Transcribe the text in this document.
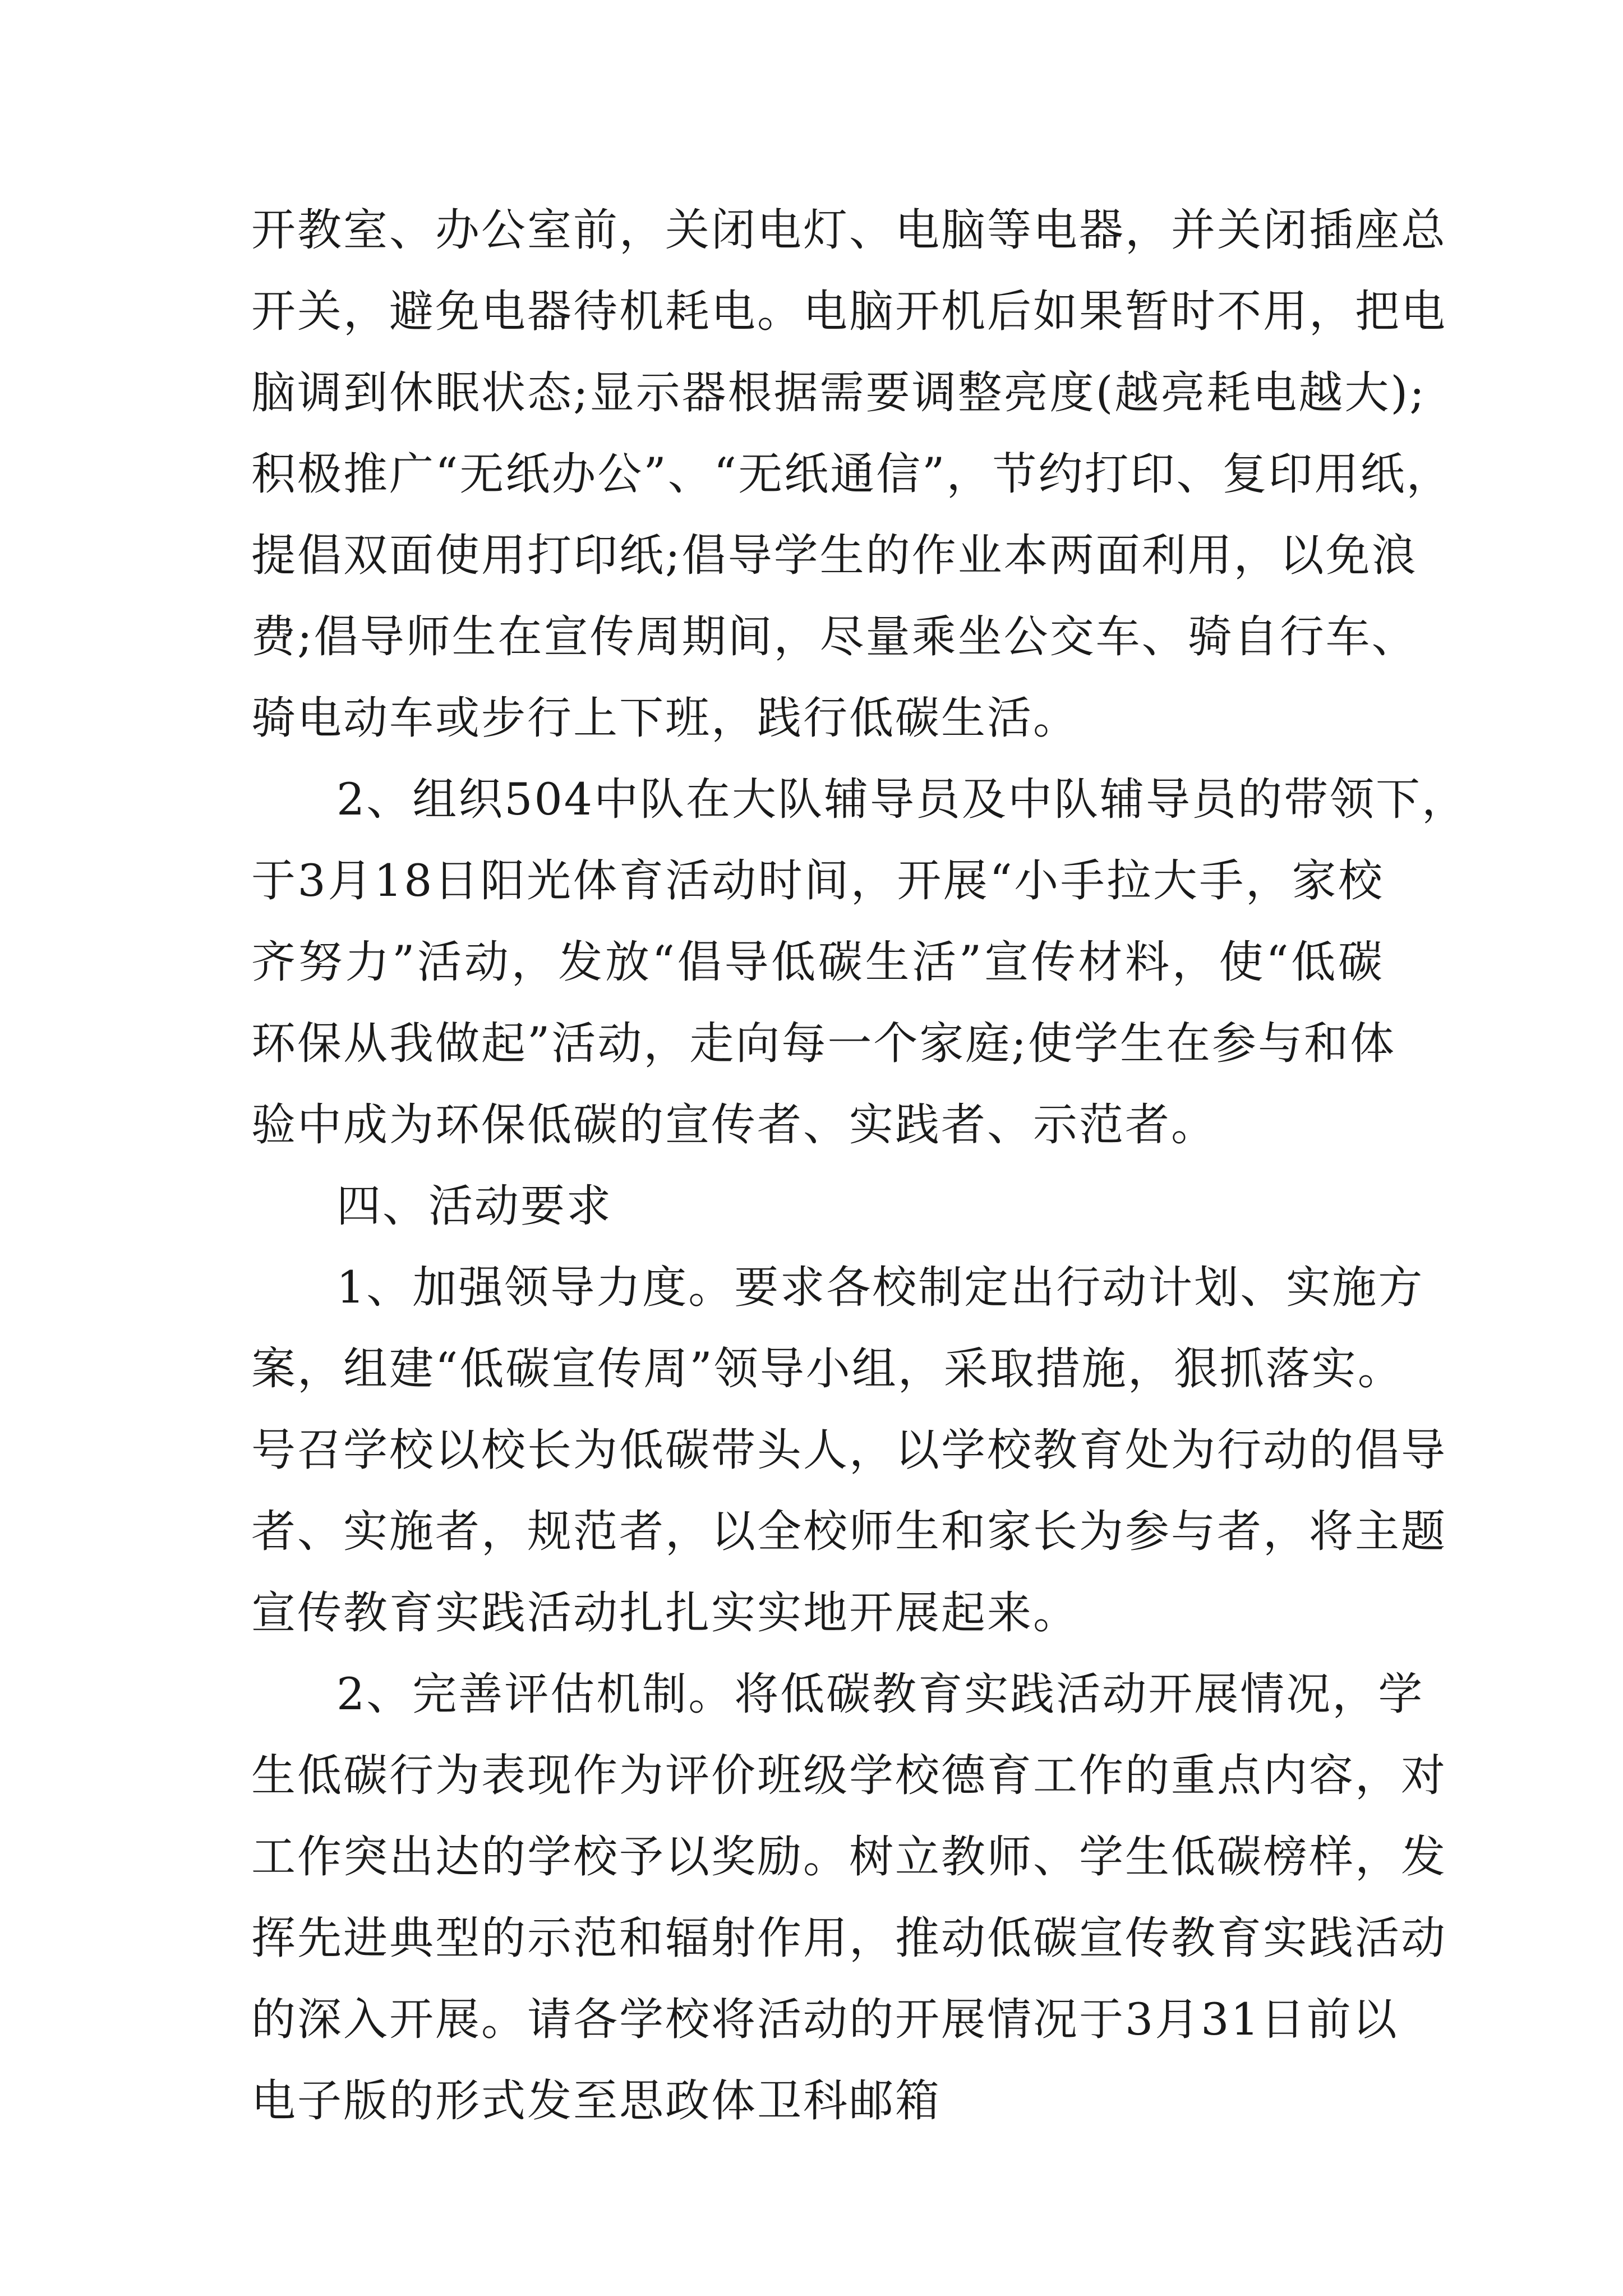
开教室、办公室前，关闭电灯、电脑等电器，并关闭插座总
开关，避免电器待机耗电。电脑开机后如果暂时不用，把电
脑调到休眠状态;显示器根据需要调整亮度(越亮耗电越大);
积极推广“无纸办公”、“无纸通信”，节约打印、复印用纸，
提倡双面使用打印纸;倡导学生的作业本两面利用，以免浪
费;倡导师生在宣传周期间，尽量乘坐公交车、骑自行车、
骑电动车或步行上下班，践行低碳生活。
2、组织504中队在大队辅导员及中队辅导员的带领下，
于3月18日阳光体育活动时间，开展“小手拉大手，家校
齐努力”活动，发放“倡导低碳生活”宣传材料，使“低碳
环保从我做起”活动，走向每一个家庭;使学生在参与和体
验中成为环保低碳的宣传者、实践者、示范者。
四、活动要求
1、加强领导力度。要求各校制定出行动计划、实施方
案，组建“低碳宣传周”领导小组，采取措施，狠抓落实。
号召学校以校长为低碳带头人，以学校教育处为行动的倡导
者、实施者，规范者，以全校师生和家长为参与者，将主题
宣传教育实践活动扎扎实实地开展起来。
2、完善评估机制。将低碳教育实践活动开展情况，学
生低碳行为表现作为评价班级学校德育工作的重点内容，对
工作突出达的学校予以奖励。树立教师、学生低碳榜样，发
挥先进典型的示范和辐射作用，推动低碳宣传教育实践活动
的深入开展。请各学校将活动的开展情况于3月31日前以
电子版的形式发至思政体卫科邮箱
